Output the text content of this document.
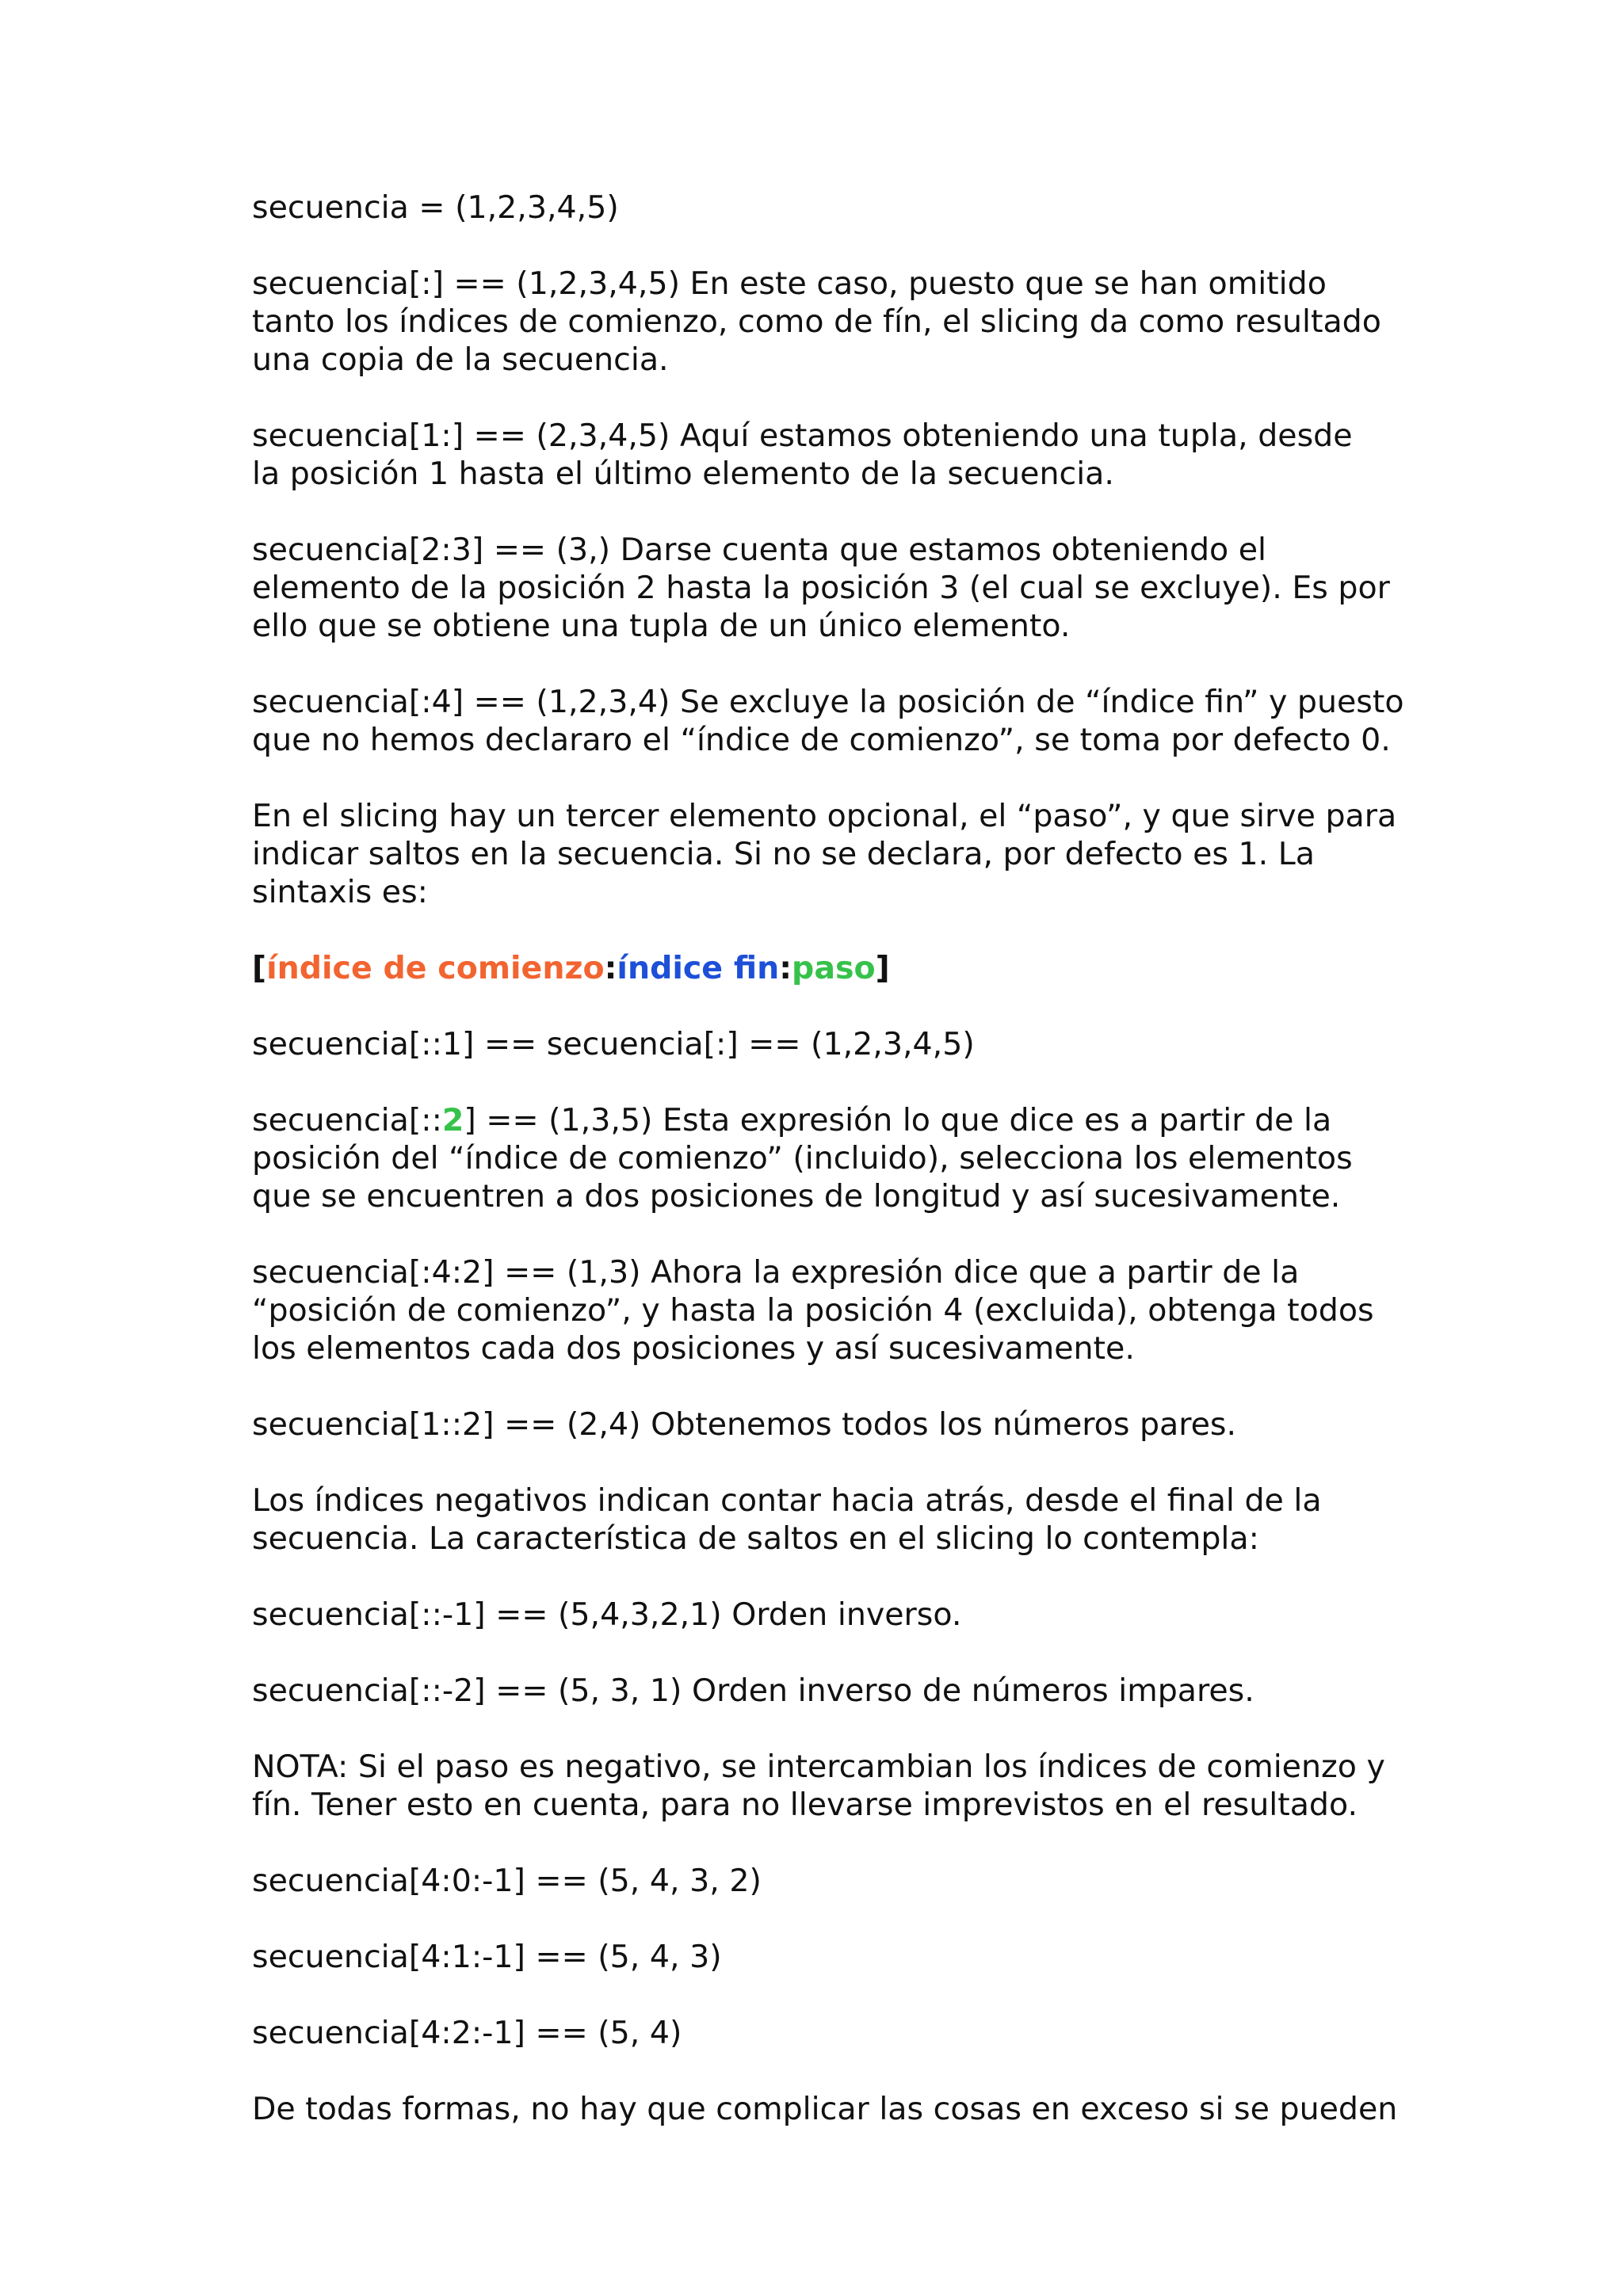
secuencia = (1,2,3,4,5)

secuencia[:] == (1,2,3,4,5) En este caso, puesto que se han omitido
tanto los índices de comienzo, como de fín, el slicing da como resultado
una copia de la secuencia.

secuencia[1:] == (2,3,4,5) Aquí estamos obteniendo una tupla, desde
la posición 1 hasta el último elemento de la secuencia.

secuencia[2:3] == (3,) Darse cuenta que estamos obteniendo el
elemento de la posición 2 hasta la posición 3 (el cual se excluye). Es por
ello que se obtiene una tupla de un único elemento.

secuencia[:4] == (1,2,3,4) Se excluye la posición de “índice fin” y puesto
que no hemos declararo el “índice de comienzo”, se toma por defecto 0.

En el slicing hay un tercer elemento opcional, el “paso”, y que sirve para
indicar saltos en la secuencia. Si no se declara, por defecto es 1. La
sintaxis es:

[índice de comienzo:índice fin:paso]

secuencia[::1] == secuencia[:] == (1,2,3,4,5)

secuencia[::2] == (1,3,5) Esta expresión lo que dice es a partir de la
posición del “índice de comienzo” (incluido), selecciona los elementos
que se encuentren a dos posiciones de longitud y así sucesivamente.

secuencia[:4:2] == (1,3) Ahora la expresión dice que a partir de la
“posición de comienzo”, y hasta la posición 4 (excluida), obtenga todos
los elementos cada dos posiciones y así sucesivamente.

secuencia[1::2] == (2,4) Obtenemos todos los números pares.

Los índices negativos indican contar hacia atrás, desde el final de la
secuencia. La característica de saltos en el slicing lo contempla:

secuencia[::-1] == (5,4,3,2,1) Orden inverso.

secuencia[::-2] == (5, 3, 1) Orden inverso de números impares.

NOTA: Si el paso es negativo, se intercambian los índices de comienzo y
fín. Tener esto en cuenta, para no llevarse imprevistos en el resultado.

secuencia[4:0:-1] == (5, 4, 3, 2)

secuencia[4:1:-1] == (5, 4, 3)

secuencia[4:2:-1] == (5, 4)

De todas formas, no hay que complicar las cosas en exceso si se pueden
